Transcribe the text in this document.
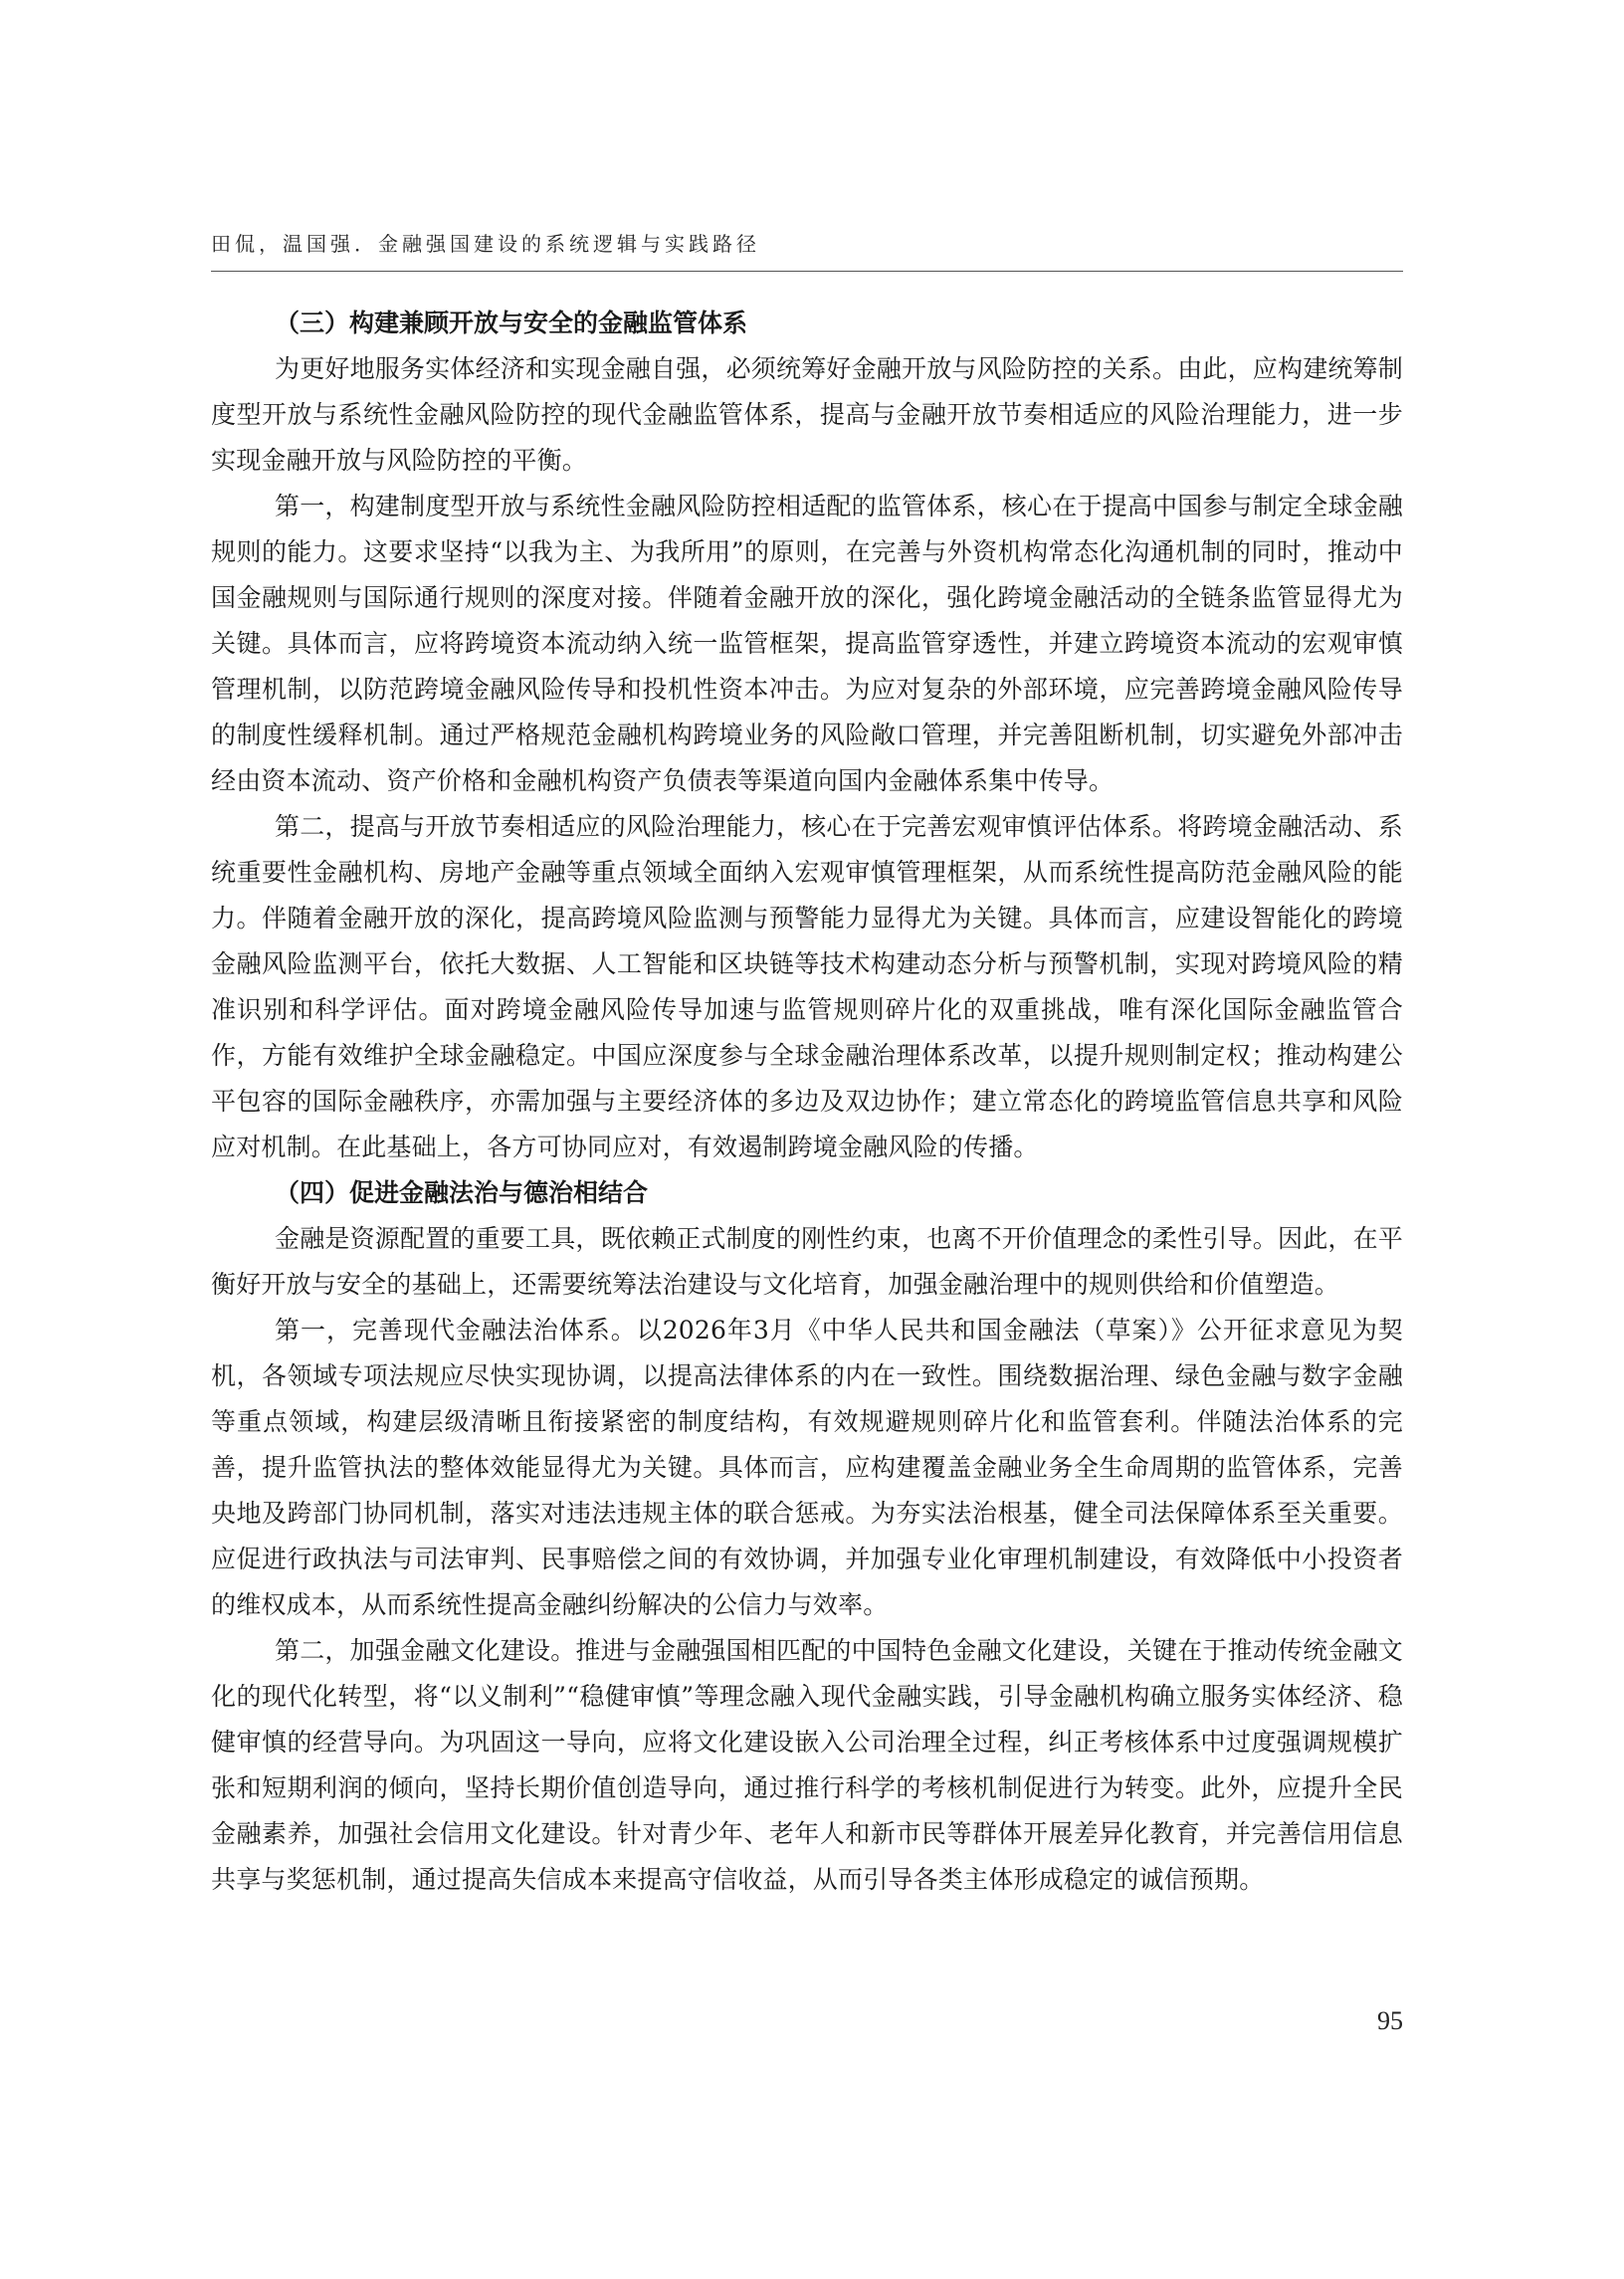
田侃，温国强．金融强国建设的系统逻辑与实践路径
（三）构建兼顾开放与安全的金融监管体系

为更好地服务实体经济和实现金融自强，必须统筹好金融开放与风险防控的关系。由此，应构建统筹制度型开放与系统性金融风险防控的现代金融监管体系，提高与金融开放节奏相适应的风险治理能力，进一步实现金融开放与风险防控的平衡。

第一，构建制度型开放与系统性金融风险防控相适配的监管体系，核心在于提高中国参与制定全球金融规则的能力。这要求坚持“以我为主、为我所用”的原则，在完善与外资机构常态化沟通机制的同时，推动中国金融规则与国际通行规则的深度对接。伴随着金融开放的深化，强化跨境金融活动的全链条监管显得尤为关键。具体而言，应将跨境资本流动纳入统一监管框架，提高监管穿透性，并建立跨境资本流动的宏观审慎管理机制，以防范跨境金融风险传导和投机性资本冲击。为应对复杂的外部环境，应完善跨境金融风险传导的制度性缓释机制。通过严格规范金融机构跨境业务的风险敞口管理，并完善阻断机制，切实避免外部冲击经由资本流动、资产价格和金融机构资产负债表等渠道向国内金融体系集中传导。

第二，提高与开放节奏相适应的风险治理能力，核心在于完善宏观审慎评估体系。将跨境金融活动、系统重要性金融机构、房地产金融等重点领域全面纳入宏观审慎管理框架，从而系统性提高防范金融风险的能力。伴随着金融开放的深化，提高跨境风险监测与预警能力显得尤为关键。具体而言，应建设智能化的跨境金融风险监测平台，依托大数据、人工智能和区块链等技术构建动态分析与预警机制，实现对跨境风险的精准识别和科学评估。面对跨境金融风险传导加速与监管规则碎片化的双重挑战，唯有深化国际金融监管合作，方能有效维护全球金融稳定。中国应深度参与全球金融治理体系改革，以提升规则制定权；推动构建公平包容的国际金融秩序，亦需加强与主要经济体的多边及双边协作；建立常态化的跨境监管信息共享和风险应对机制。在此基础上，各方可协同应对，有效遏制跨境金融风险的传播。

（四）促进金融法治与德治相结合

金融是资源配置的重要工具，既依赖正式制度的刚性约束，也离不开价值理念的柔性引导。因此，在平衡好开放与安全的基础上，还需要统筹法治建设与文化培育，加强金融治理中的规则供给和价值塑造。

第一，完善现代金融法治体系。以2026年3月《中华人民共和国金融法（草案）》公开征求意见为契机，各领域专项法规应尽快实现协调，以提高法律体系的内在一致性。围绕数据治理、绿色金融与数字金融等重点领域，构建层级清晰且衔接紧密的制度结构，有效规避规则碎片化和监管套利。伴随法治体系的完善，提升监管执法的整体效能显得尤为关键。具体而言，应构建覆盖金融业务全生命周期的监管体系，完善央地及跨部门协同机制，落实对违法违规主体的联合惩戒。为夯实法治根基，健全司法保障体系至关重要。应促进行政执法与司法审判、民事赔偿之间的有效协调，并加强专业化审理机制建设，有效降低中小投资者的维权成本，从而系统性提高金融纠纷解决的公信力与效率。

第二，加强金融文化建设。推进与金融强国相匹配的中国特色金融文化建设，关键在于推动传统金融文化的现代化转型，将“以义制利”“稳健审慎”等理念融入现代金融实践，引导金融机构确立服务实体经济、稳健审慎的经营导向。为巩固这一导向，应将文化建设嵌入公司治理全过程，纠正考核体系中过度强调规模扩张和短期利润的倾向，坚持长期价值创造导向，通过推行科学的考核机制促进行为转变。此外，应提升全民金融素养，加强社会信用文化建设。针对青少年、老年人和新市民等群体开展差异化教育，并完善信用信息共享与奖惩机制，通过提高失信成本来提高守信收益，从而引导各类主体形成稳定的诚信预期。

95
